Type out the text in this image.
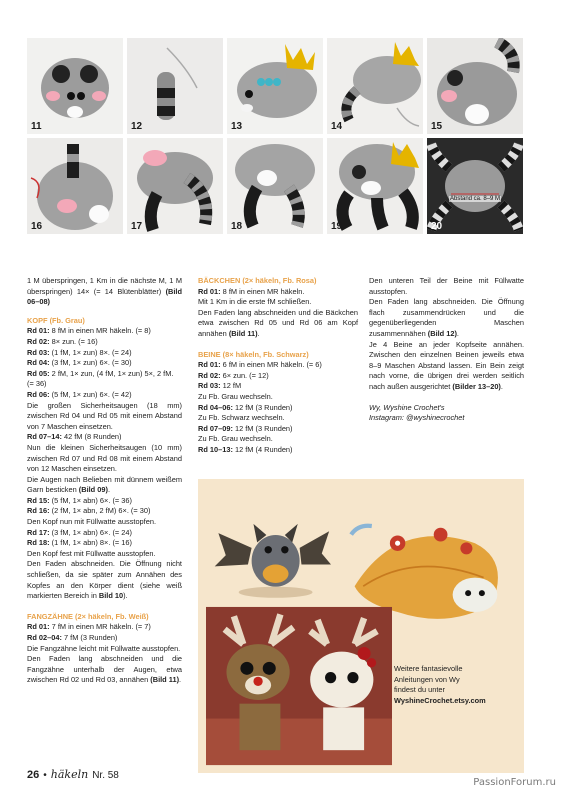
11	12	13	14	15
16	17	18	19
Abstand ca. 8–9 M
20

1 M überspringen, 1 Km in die nächste M, 1 M überspringen) 14× (= 14 Blütenblätter) (Bild 06–08)

KOPF (Fb. Grau)

Rd 01: 8 fM in einen MR häkeln. (= 8)

Rd 02: 8× zun. (= 16)

Rd 03: (1 fM, 1× zun) 8×. (= 24)

Rd 04: (3 fM, 1× zun) 6×. (= 30)

Rd 05: 2 fM, 1× zun, (4 fM, 1× zun) 5×, 2 fM. (= 36)

Rd 06: (5 fM, 1× zun) 6×. (= 42)

Die großen Sicherheitsaugen (18 mm) zwischen Rd 04 und Rd 05 mit einem Abstand von 7 Maschen einsetzen.

Rd 07–14: 42 fM (8 Runden)

Nun die kleinen Sicherheitsaugen (10 mm) zwischen Rd 07 und Rd 08 mit einem Abstand von 12 Maschen einsetzen.

Die Augen nach Belieben mit dünnem weißem Garn besticken (Bild 09).

Rd 15: (5 fM, 1× abn) 6×. (= 36)

Rd 16: (2 fM, 1× abn, 2 fM) 6×. (= 30)

Den Kopf nun mit Füllwatte ausstopfen.

Rd 17: (3 fM, 1× abn) 6×. (= 24)

Rd 18: (1 fM, 1× abn) 8×. (= 16)

Den Kopf fest mit Füllwatte ausstopfen.

Den Faden abschneiden. Die Öffnung nicht schließen, da sie später zum Annähen des Kopfes an den Körper dient (siehe weiß markierten Bereich in Bild 10).

FANGZÄHNE (2× häkeln, Fb. Weiß)

Rd 01: 7 fM in einen MR häkeln. (= 7)

Rd 02–04: 7 fM (3 Runden)

Die Fangzähne leicht mit Füllwatte ausstopfen.

Den Faden lang abschneiden und die Fangzähne unterhalb der Augen, etwa zwischen Rd 02 und Rd 03, annähen (Bild 11).

BÄCKCHEN (2× häkeln, Fb. Rosa)

Rd 01: 8 fM in einen MR häkeln.

Mit 1 Km in die erste fM schließen.

Den Faden lang abschneiden und die Bäckchen etwa zwischen Rd 05 und Rd 06 am Kopf annähen (Bild 11).

BEINE (8× häkeln, Fb. Schwarz)

Rd 01: 6 fM in einen MR häkeln. (= 6)

Rd 02: 6× zun. (= 12)

Rd 03: 12 fM

Zu Fb. Grau wechseln.

Rd 04–06: 12 fM (3 Runden)

Zu Fb. Schwarz wechseln.

Rd 07–09: 12 fM (3 Runden)

Zu Fb. Grau wechseln.

Rd 10–13: 12 fM (4 Runden)

Den unteren Teil der Beine mit Füllwatte ausstopfen.

Den Faden lang abschneiden. Die Öffnung flach zusammendrücken und die gegenüberliegenden Maschen zusammennähen (Bild 12).

Je 4 Beine an jeder Kopfseite annähen. Zwischen den einzelnen Beinen jeweils etwa 8–9 Maschen Abstand lassen. Ein Bein zeigt nach vorne, die übrigen drei werden seitlich nach außen ausgerichtet (Bilder 13–20).

Wy, Wyshine Crochet's

Instagram: @wyshinecrochet

Weitere fantasievolle

Anleitungen von Wy

findest du unter

WyshineCrochet.etsy.com

26 • häkeln Nr. 58
PassionForum.ru
